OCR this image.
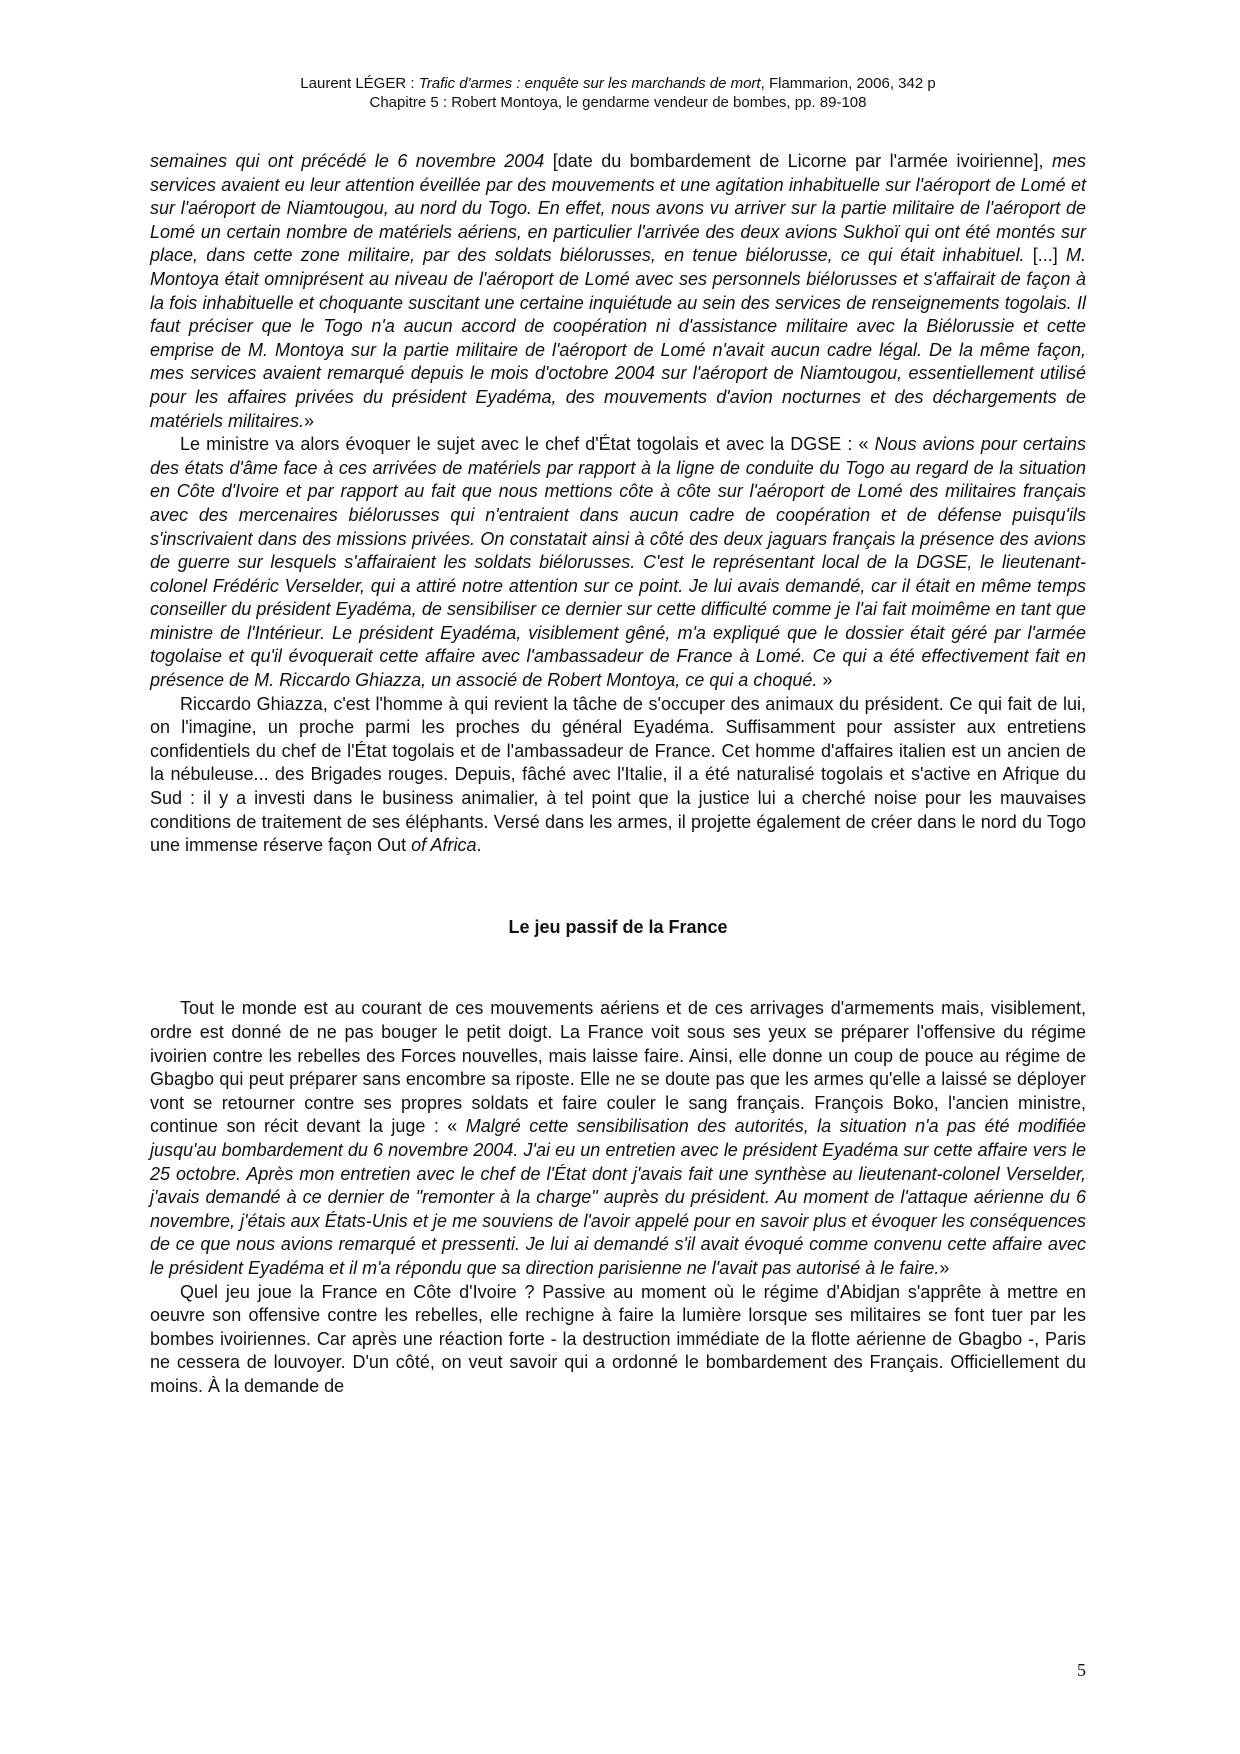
Laurent LÉGER : Trafic d'armes : enquête sur les marchands de mort, Flammarion, 2006, 342 p
Chapitre 5 : Robert Montoya, le gendarme vendeur de bombes, pp. 89-108

semaines qui ont précédé le 6 novembre 2004 [date du bombardement de Licorne par l'armée ivoirienne], mes services avaient eu leur attention éveillée par des mouvements et une agitation inhabituelle sur l'aéroport de Lomé et sur l'aéroport de Niamtougou, au nord du Togo. En effet, nous avons vu arriver sur la partie militaire de l'aéroport de Lomé un certain nombre de matériels aériens, en particulier l'arrivée des deux avions Sukhoï qui ont été montés sur place, dans cette zone militaire, par des soldats biélorusses, en tenue biélorusse, ce qui était inhabituel. [...] M. Montoya était omniprésent au niveau de l'aéroport de Lomé avec ses personnels biélorusses et s'affairait de façon à la fois inhabituelle et choquante suscitant une certaine inquiétude au sein des services de renseignements togolais. Il faut préciser que le Togo n'a aucun accord de coopération ni d'assistance militaire avec la Biélorussie et cette emprise de M. Montoya sur la partie militaire de l'aéroport de Lomé n'avait aucun cadre légal. De la même façon, mes services avaient remarqué depuis le mois d'octobre 2004 sur l'aéroport de Niamtougou, essentiellement utilisé pour les affaires privées du président Eyadéma, des mouvements d'avion nocturnes et des déchargements de matériels militaires.»

Le ministre va alors évoquer le sujet avec le chef d'État togolais et avec la DGSE : « Nous avions pour certains des états d'âme face à ces arrivées de matériels par rapport à la ligne de conduite du Togo au regard de la situation en Côte d'Ivoire et par rapport au fait que nous mettions côte à côte sur l'aéroport de Lomé des militaires français avec des mercenaires biélorusses qui n'entraient dans aucun cadre de coopération et de défense puisqu'ils s'inscrivaient dans des missions privées. On constatait ainsi à côté des deux jaguars français la présence des avions de guerre sur lesquels s'affairaient les soldats biélorusses. C'est le représentant local de la DGSE, le lieutenant-colonel Frédéric Verselder, qui a attiré notre attention sur ce point. Je lui avais demandé, car il était en même temps conseiller du président Eyadéma, de sensibiliser ce dernier sur cette difficulté comme je l'ai fait moimême en tant que ministre de l'Intérieur. Le président Eyadéma, visiblement gêné, m'a expliqué que le dossier était géré par l'armée togolaise et qu'il évoquerait cette affaire avec l'ambassadeur de France à Lomé. Ce qui a été effectivement fait en présence de M. Riccardo Ghiazza, un associé de Robert Montoya, ce qui a choqué. »

Riccardo Ghiazza, c'est l'homme à qui revient la tâche de s'occuper des animaux du président. Ce qui fait de lui, on l'imagine, un proche parmi les proches du général Eyadéma. Suffisamment pour assister aux entretiens confidentiels du chef de l'État togolais et de l'ambassadeur de France. Cet homme d'affaires italien est un ancien de la nébuleuse... des Brigades rouges. Depuis, fâché avec l'Italie, il a été naturalisé togolais et s'active en Afrique du Sud : il y a investi dans le business animalier, à tel point que la justice lui a cherché noise pour les mauvaises conditions de traitement de ses éléphants. Versé dans les armes, il projette également de créer dans le nord du Togo une immense réserve façon Out of Africa.

Le jeu passif de la France

Tout le monde est au courant de ces mouvements aériens et de ces arrivages d'armements mais, visiblement, ordre est donné de ne pas bouger le petit doigt. La France voit sous ses yeux se préparer l'offensive du régime ivoirien contre les rebelles des Forces nouvelles, mais laisse faire. Ainsi, elle donne un coup de pouce au régime de Gbagbo qui peut préparer sans encombre sa riposte. Elle ne se doute pas que les armes qu'elle a laissé se déployer vont se retourner contre ses propres soldats et faire couler le sang français. François Boko, l'ancien ministre, continue son récit devant la juge : « Malgré cette sensibilisation des autorités, la situation n'a pas été modifiée jusqu'au bombardement du 6 novembre 2004. J'ai eu un entretien avec le président Eyadéma sur cette affaire vers le 25 octobre. Après mon entretien avec le chef de l'État dont j'avais fait une synthèse au lieutenant-colonel Verselder, j'avais demandé à ce dernier de "remonter à la charge" auprès du président. Au moment de l'attaque aérienne du 6 novembre, j'étais aux États-Unis et je me souviens de l'avoir appelé pour en savoir plus et évoquer les conséquences de ce que nous avions remarqué et pressenti. Je lui ai demandé s'il avait évoqué comme convenu cette affaire avec le président Eyadéma et il m'a répondu que sa direction parisienne ne l'avait pas autorisé à le faire.»

Quel jeu joue la France en Côte d'Ivoire ? Passive au moment où le régime d'Abidjan s'apprête à mettre en oeuvre son offensive contre les rebelles, elle rechigne à faire la lumière lorsque ses militaires se font tuer par les bombes ivoiriennes. Car après une réaction forte - la destruction immédiate de la flotte aérienne de Gbagbo -, Paris ne cessera de louvoyer. D'un côté, on veut savoir qui a ordonné le bombardement des Français. Officiellement du moins. À la demande de

5
